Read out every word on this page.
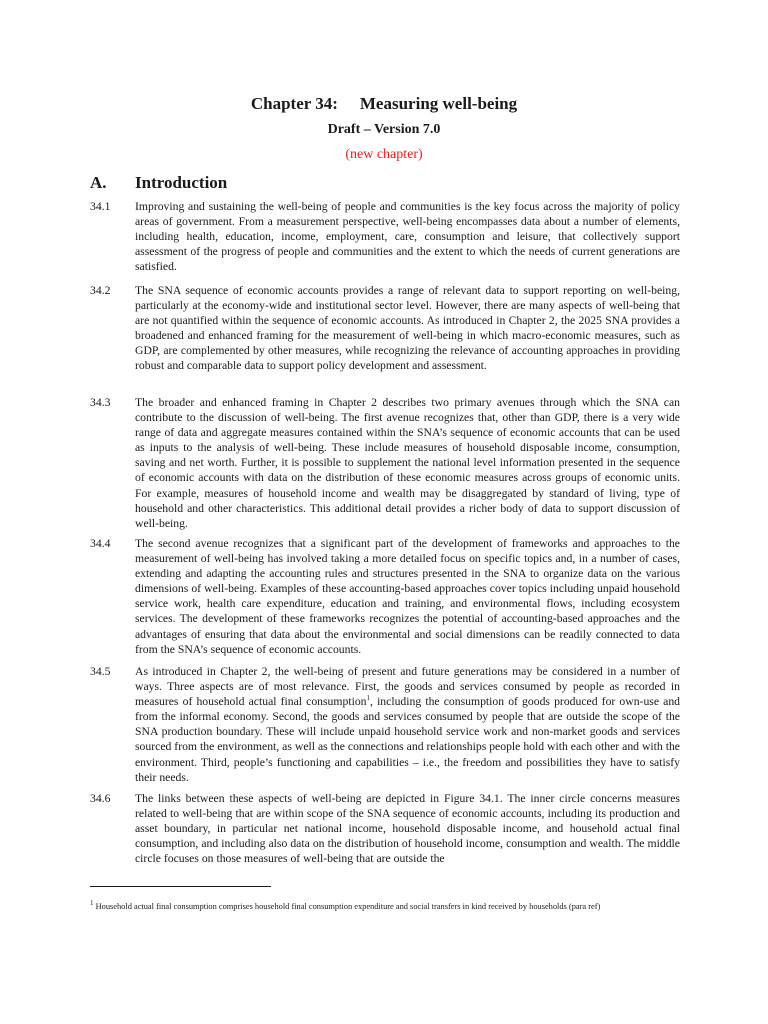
Chapter 34: Measuring well-being
Draft – Version 7.0
(new chapter)
A. Introduction
34.1	Improving and sustaining the well-being of people and communities is the key focus across the majority of policy areas of government. From a measurement perspective, well-being encompasses data about a number of elements, including health, education, income, employment, care, consumption and leisure, that collectively support assessment of the progress of people and communities and the extent to which the needs of current generations are satisfied.
34.2	The SNA sequence of economic accounts provides a range of relevant data to support reporting on well-being, particularly at the economy-wide and institutional sector level. However, there are many aspects of well-being that are not quantified within the sequence of economic accounts. As introduced in Chapter 2, the 2025 SNA provides a broadened and enhanced framing for the measurement of well-being in which macro-economic measures, such as GDP, are complemented by other measures, while recognizing the relevance of accounting approaches in providing robust and comparable data to support policy development and assessment.
34.3	The broader and enhanced framing in Chapter 2 describes two primary avenues through which the SNA can contribute to the discussion of well-being. The first avenue recognizes that, other than GDP, there is a very wide range of data and aggregate measures contained within the SNA’s sequence of economic accounts that can be used as inputs to the analysis of well-being. These include measures of household disposable income, consumption, saving and net worth. Further, it is possible to supplement the national level information presented in the sequence of economic accounts with data on the distribution of these economic measures across groups of economic units. For example, measures of household income and wealth may be disaggregated by standard of living, type of household and other characteristics. This additional detail provides a richer body of data to support discussion of well-being.
34.4	The second avenue recognizes that a significant part of the development of frameworks and approaches to the measurement of well-being has involved taking a more detailed focus on specific topics and, in a number of cases, extending and adapting the accounting rules and structures presented in the SNA to organize data on the various dimensions of well-being. Examples of these accounting-based approaches cover topics including unpaid household service work, health care expenditure, education and training, and environmental flows, including ecosystem services. The development of these frameworks recognizes the potential of accounting-based approaches and the advantages of ensuring that data about the environmental and social dimensions can be readily connected to data from the SNA’s sequence of economic accounts.
34.5	As introduced in Chapter 2, the well-being of present and future generations may be considered in a number of ways. Three aspects are of most relevance. First, the goods and services consumed by people as recorded in measures of household actual final consumption$^1$, including the consumption of goods produced for own-use and from the informal economy. Second, the goods and services consumed by people that are outside the scope of the SNA production boundary. These will include unpaid household service work and non-market goods and services sourced from the environment, as well as the connections and relationships people hold with each other and with the environment. Third, people’s functioning and capabilities – i.e., the freedom and possibilities they have to satisfy their needs.
34.6	The links between these aspects of well-being are depicted in Figure 34.1. The inner circle concerns measures related to well-being that are within scope of the SNA sequence of economic accounts, including its production and asset boundary, in particular net national income, household disposable income, and household actual final consumption, and including also data on the distribution of household income, consumption and wealth. The middle circle focuses on those measures of well-being that are outside the
$^1$ Household actual final consumption comprises household final consumption expenditure and social transfers in kind received by households (para ref)
